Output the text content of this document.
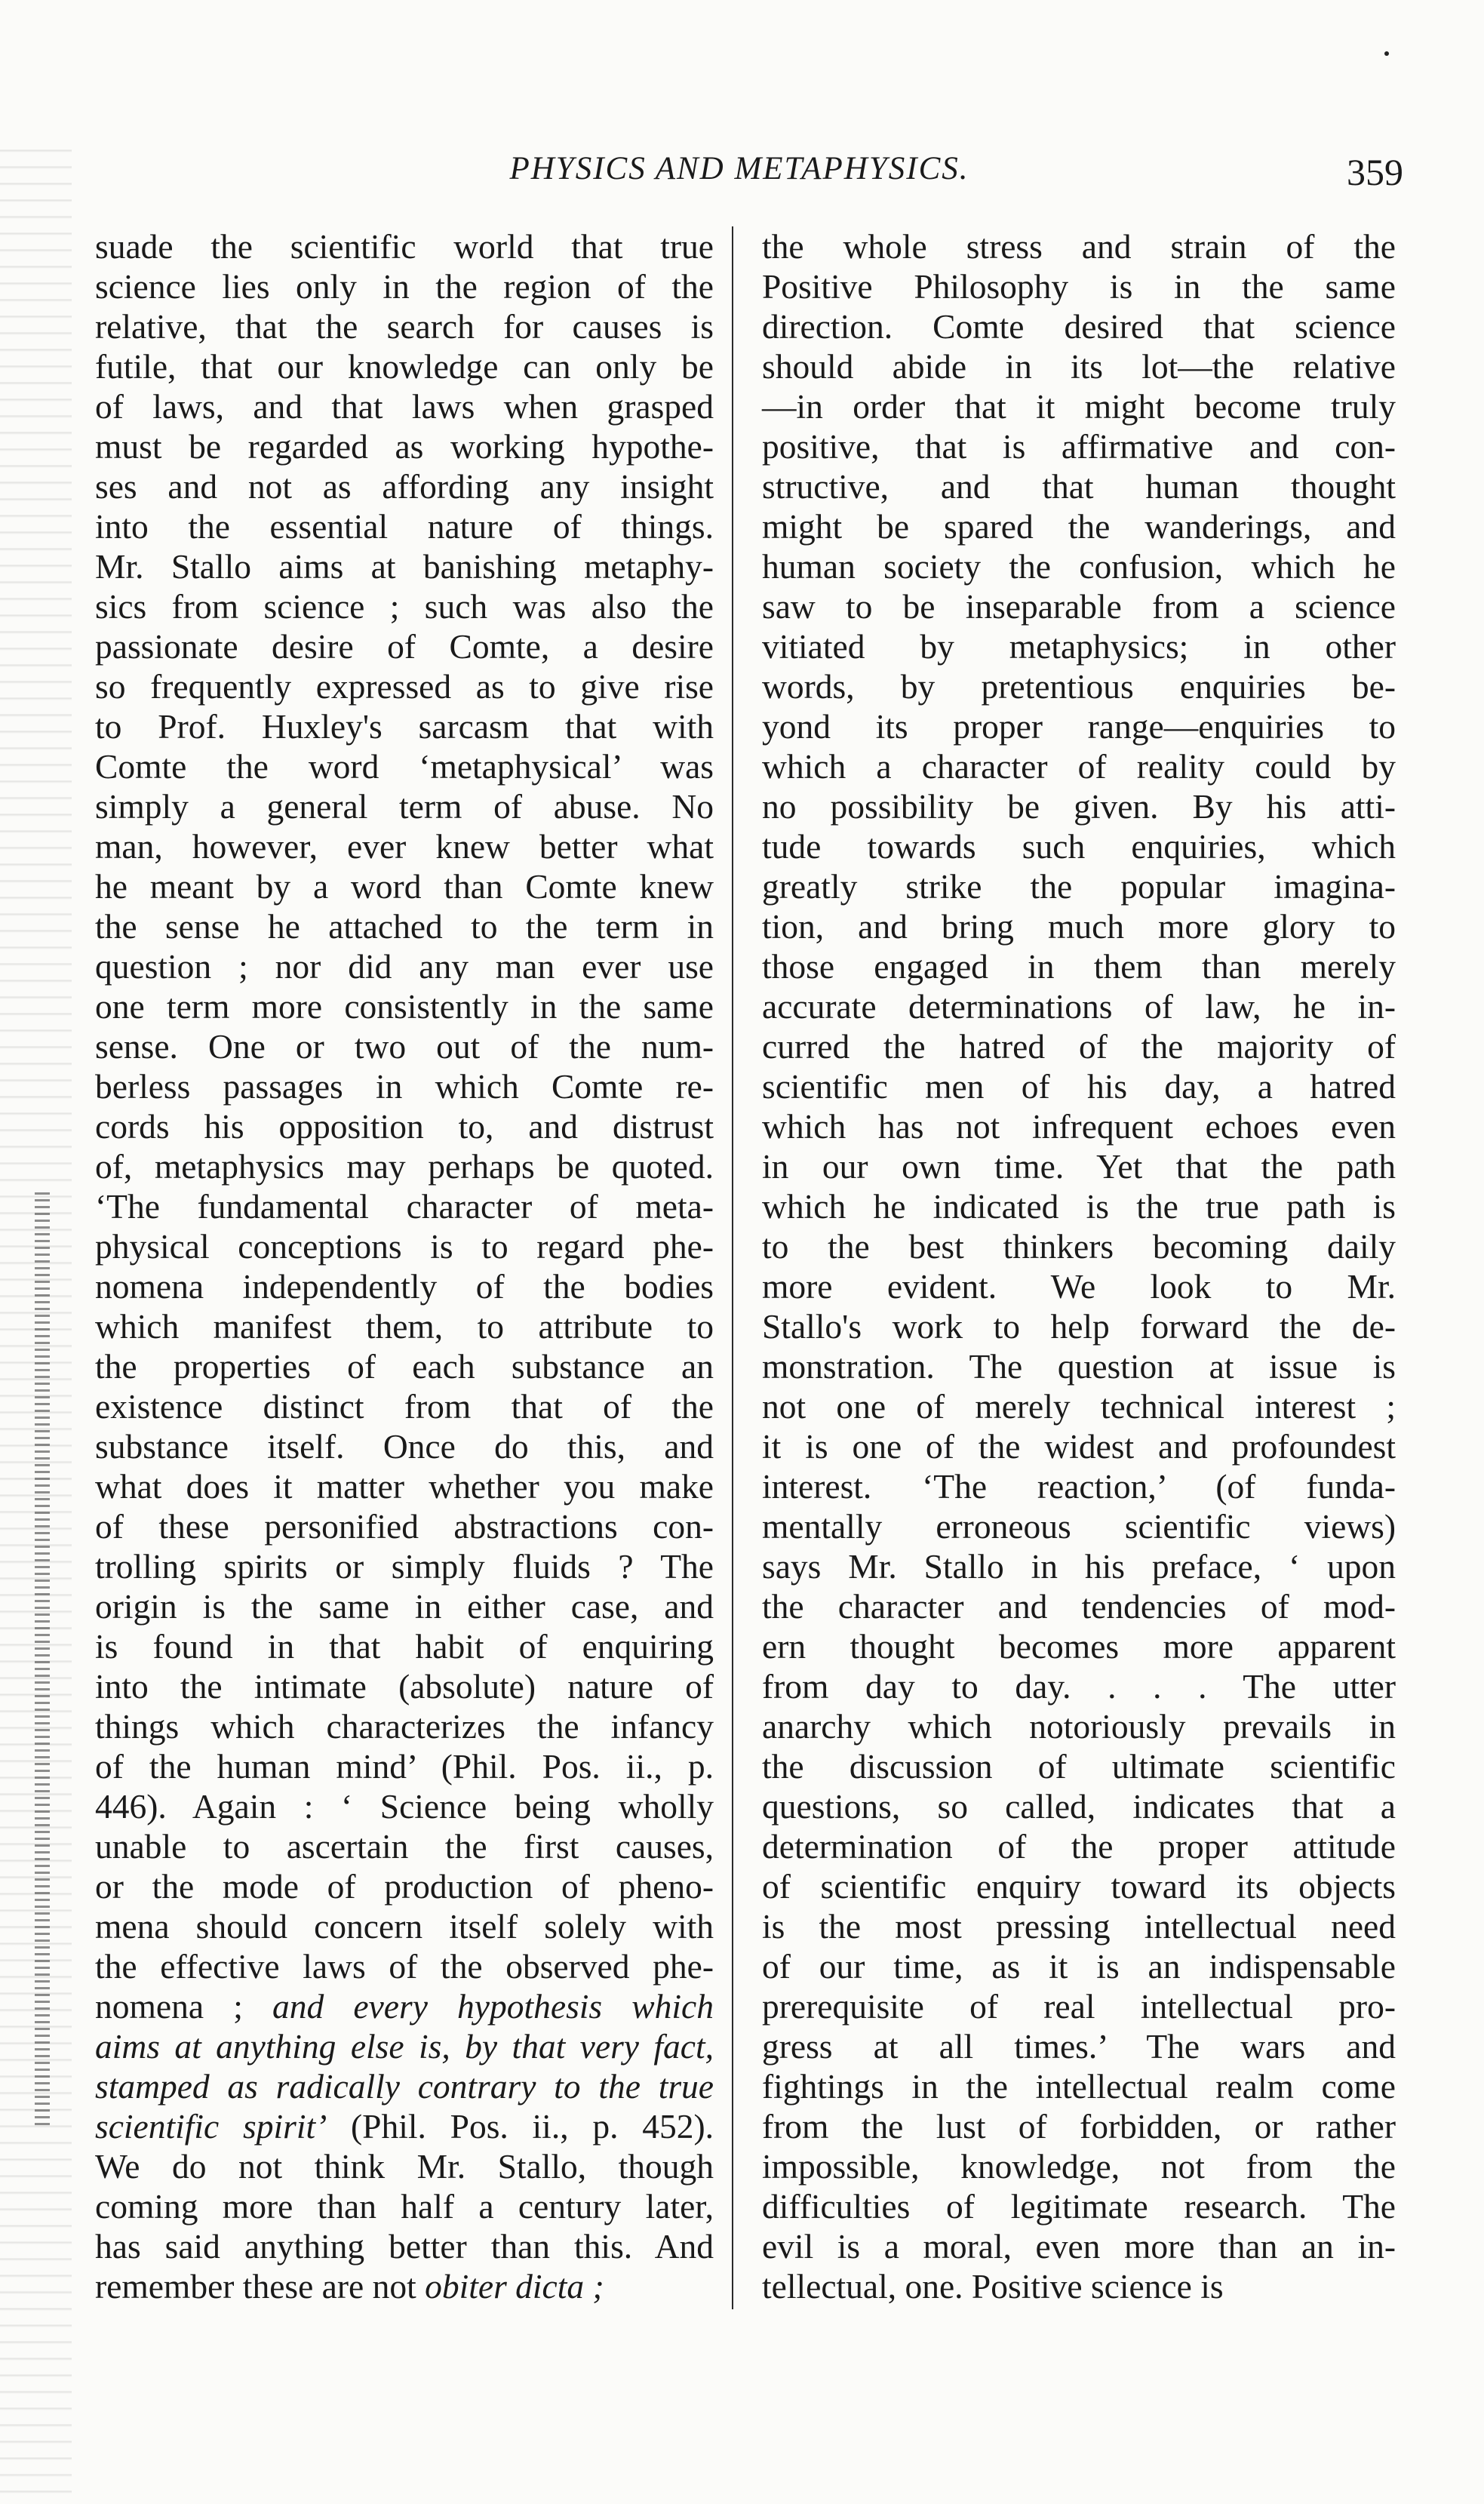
PHYSICS AND METAPHYSICS.	359
suade the scientific world that true
science lies only in the region of the
relative, that the search for causes is
futile, that our knowledge can only be
of laws, and that laws when grasped
must be regarded as working hypothe-
ses and not as affording any insight
into the essential nature of things.
Mr. Stallo aims at banishing metaphy-
sics from science ; such was also the
passionate desire of Comte, a desire
so frequently expressed as to give rise
to Prof. Huxley's sarcasm that with
Comte the word ‘metaphysical’ was
simply a general term of abuse. No
man, however, ever knew better what
he meant by a word than Comte knew
the sense he attached to the term in
question ; nor did any man ever use
one term more consistently in the same
sense. One or two out of the num-
berless passages in which Comte re-
cords his opposition to, and distrust
of, metaphysics may perhaps be quoted.
‘The fundamental character of meta-
physical conceptions is to regard phe-
nomena independently of the bodies
which manifest them, to attribute to
the properties of each substance an
existence distinct from that of the
substance itself. Once do this, and
what does it matter whether you make
of these personified abstractions con-
trolling spirits or simply fluids ? The
origin is the same in either case, and
is found in that habit of enquiring
into the intimate (absolute) nature of
things which characterizes the infancy
of the human mind’ (Phil. Pos. ii., p.
446). Again : ‘ Science being wholly
unable to ascertain the first causes,
or the mode of production of pheno-
mena should concern itself solely with
the effective laws of the observed phe-
nomena ; and every hypothesis which
aims at anything else is, by that very fact,
stamped as radically contrary to the true
scientific spirit’ (Phil. Pos. ii., p. 452).
We do not think Mr. Stallo, though
coming more than half a century later,
has said anything better than this. And
remember these are not obiter dicta ;
the whole stress and strain of the
Positive Philosophy is in the same
direction. Comte desired that science
should abide in its lot—the relative
—in order that it might become truly
positive, that is affirmative and con-
structive, and that human thought
might be spared the wanderings, and
human society the confusion, which he
saw to be inseparable from a science
vitiated by metaphysics; in other
words, by pretentious enquiries be-
yond its proper range—enquiries to
which a character of reality could by
no possibility be given. By his atti-
tude towards such enquiries, which
greatly strike the popular imagina-
tion, and bring much more glory to
those engaged in them than merely
accurate determinations of law, he in-
curred the hatred of the majority of
scientific men of his day, a hatred
which has not infrequent echoes even
in our own time. Yet that the path
which he indicated is the true path is
to the best thinkers becoming daily
more evident. We look to Mr.
Stallo's work to help forward the de-
monstration. The question at issue is
not one of merely technical interest ;
it is one of the widest and profoundest
interest. ‘The reaction,’ (of funda-
mentally erroneous scientific views)
says Mr. Stallo in his preface, ‘ upon
the character and tendencies of mod-
ern thought becomes more apparent
from day to day. . . . The utter
anarchy which notoriously prevails in
the discussion of ultimate scientific
questions, so called, indicates that a
determination of the proper attitude
of scientific enquiry toward its objects
is the most pressing intellectual need
of our time, as it is an indispensable
prerequisite of real intellectual pro-
gress at all times.’ The wars and
fightings in the intellectual realm come
from the lust of forbidden, or rather
impossible, knowledge, not from the
difficulties of legitimate research. The
evil is a moral, even more than an in-
tellectual, one. Positive science is
